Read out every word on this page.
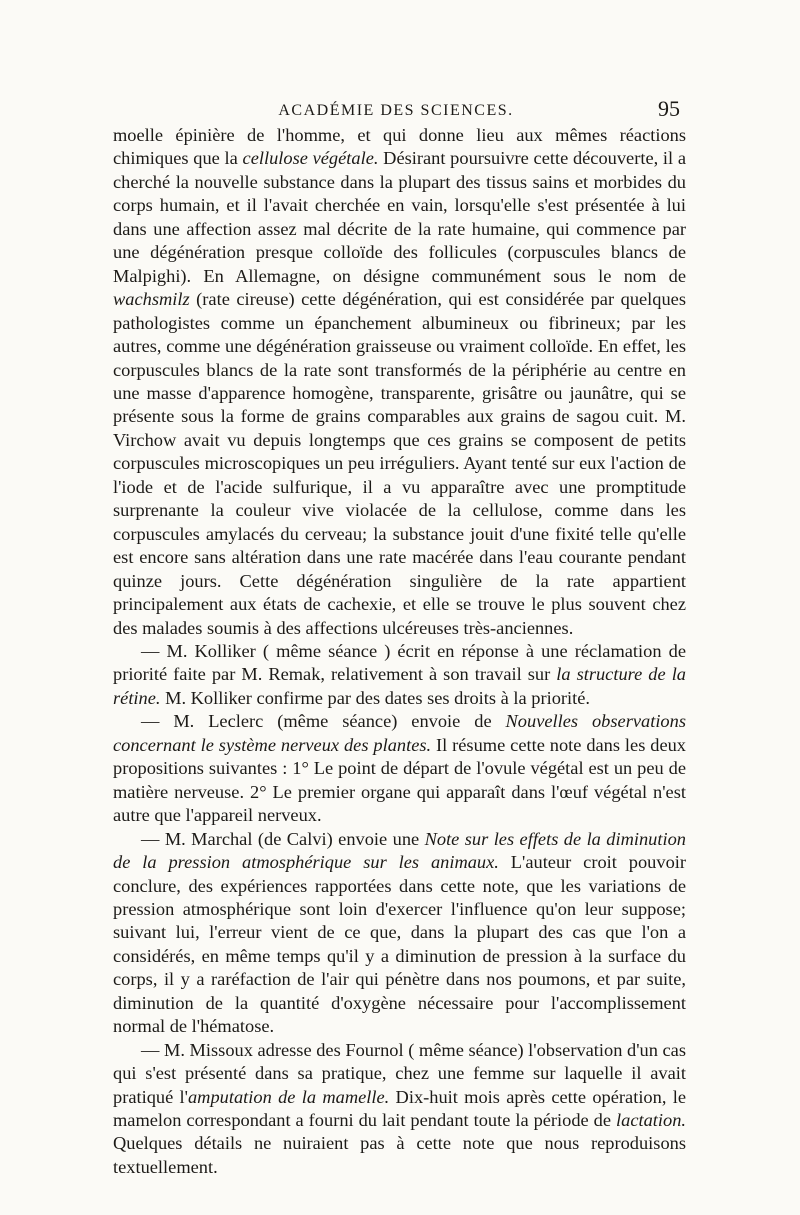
ACADÉMIE DES SCIENCES.	95

moelle épinière de l'homme, et qui donne lieu aux mêmes réactions chimiques que la cellulose végétale. Désirant poursuivre cette découverte, il a cherché la nouvelle substance dans la plupart des tissus sains et morbides du corps humain, et il l'avait cherchée en vain, lorsqu'elle s'est présentée à lui dans une affection assez mal décrite de la rate humaine, qui commence par une dégénération presque colloïde des follicules (corpuscules blancs de Malpighi). En Allemagne, on désigne communément sous le nom de wachsmilz (rate cireuse) cette dégénération, qui est considérée par quelques pathologistes comme un épanchement albumineux ou fibrineux; par les autres, comme une dégénération graisseuse ou vraiment colloïde. En effet, les corpuscules blancs de la rate sont transformés de la périphérie au centre en une masse d'apparence homogène, transparente, grisâtre ou jaunâtre, qui se présente sous la forme de grains comparables aux grains de sagou cuit. M. Virchow avait vu depuis longtemps que ces grains se composent de petits corpuscules microscopiques un peu irréguliers. Ayant tenté sur eux l'action de l'iode et de l'acide sulfurique, il a vu apparaître avec une promptitude surprenante la couleur vive violacée de la cellulose, comme dans les corpuscules amylacés du cerveau; la substance jouit d'une fixité telle qu'elle est encore sans altération dans une rate macérée dans l'eau courante pendant quinze jours. Cette dégénération singulière de la rate appartient principalement aux états de cachexie, et elle se trouve le plus souvent chez des malades soumis à des affections ulcéreuses très-anciennes.

— M. Kolliker ( même séance ) écrit en réponse à une réclamation de priorité faite par M. Remak, relativement à son travail sur la structure de la rétine. M. Kolliker confirme par des dates ses droits à la priorité.

— M. Leclerc (même séance) envoie de Nouvelles observations concernant le système nerveux des plantes. Il résume cette note dans les deux propositions suivantes : 1° Le point de départ de l'ovule végétal est un peu de matière nerveuse. 2° Le premier organe qui apparaît dans l'œuf végétal n'est autre que l'appareil nerveux.

— M. Marchal (de Calvi) envoie une Note sur les effets de la diminution de la pression atmosphérique sur les animaux. L'auteur croit pouvoir conclure, des expériences rapportées dans cette note, que les variations de pression atmosphérique sont loin d'exercer l'influence qu'on leur suppose; suivant lui, l'erreur vient de ce que, dans la plupart des cas que l'on a considérés, en même temps qu'il y a diminution de pression à la surface du corps, il y a raréfaction de l'air qui pénètre dans nos poumons, et par suite, diminution de la quantité d'oxygène nécessaire pour l'accomplissement normal de l'hématose.

— M. Missoux adresse des Fournol ( même séance) l'observation d'un cas qui s'est présenté dans sa pratique, chez une femme sur laquelle il avait pratiqué l'amputation de la mamelle. Dix-huit mois après cette opération, le mamelon correspondant a fourni du lait pendant toute la période de lactation. Quelques détails ne nuiraient pas à cette note que nous reproduisons textuellement.
